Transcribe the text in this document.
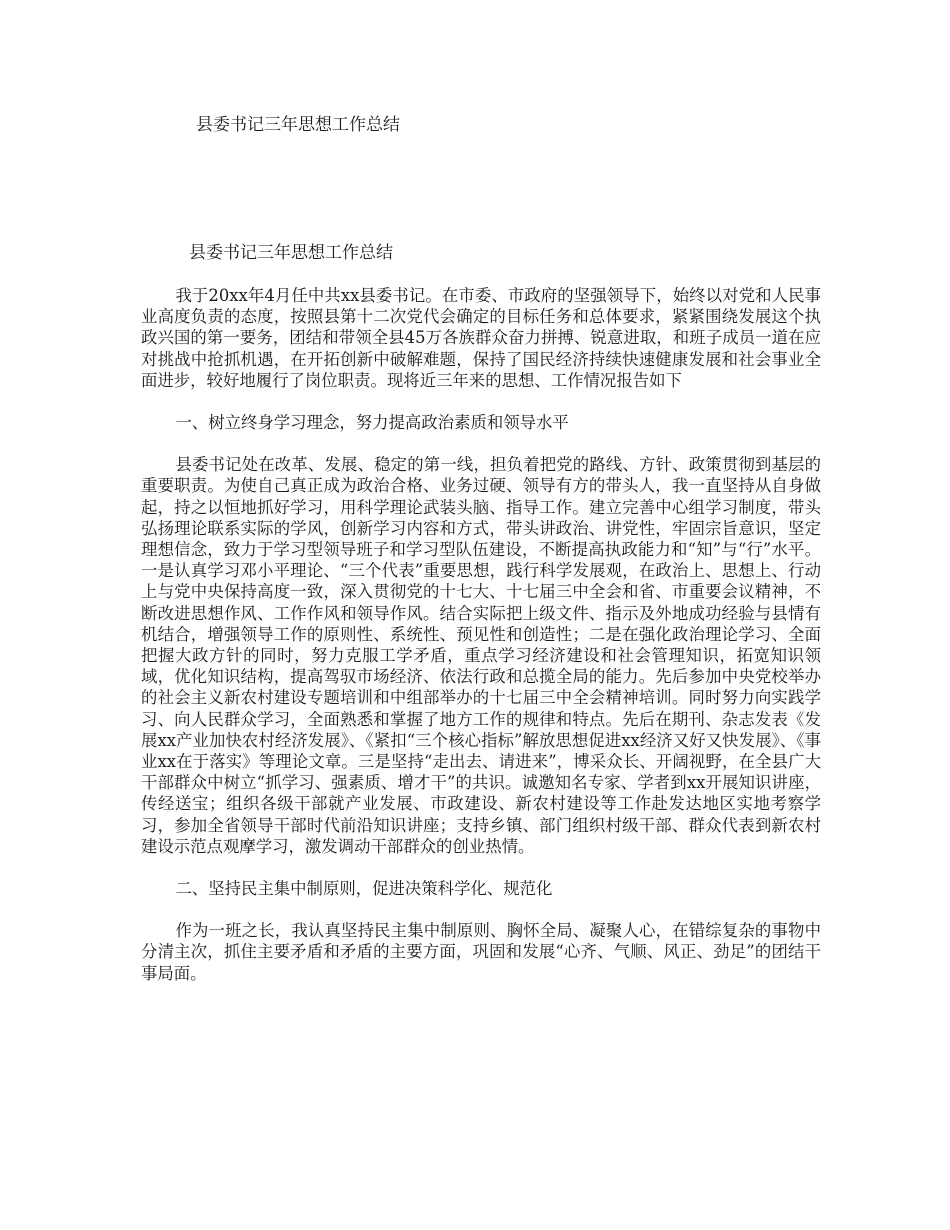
县委书记三年思想工作总结
县委书记三年思想工作总结

我于20xx年4月任中共xx县委书记。在市委、市政府的坚强领导下，始终以对党和人民事业高度负责的态度，按照县第十二次党代会确定的目标任务和总体要求，紧紧围绕发展这个执政兴国的第一要务，团结和带领全县45万各族群众奋力拼搏、锐意进取，和班子成员一道在应对挑战中抢抓机遇，在开拓创新中破解难题，保持了国民经济持续快速健康发展和社会事业全面进步，较好地履行了岗位职责。现将近三年来的思想、工作情况报告如下

一、树立终身学习理念，努力提高政治素质和领导水平

县委书记处在改革、发展、稳定的第一线，担负着把党的路线、方针、政策贯彻到基层的重要职责。为使自己真正成为政治合格、业务过硬、领导有方的带头人，我一直坚持从自身做起，持之以恒地抓好学习，用科学理论武装头脑、指导工作。建立完善中心组学习制度，带头弘扬理论联系实际的学风，创新学习内容和方式，带头讲政治、讲党性，牢固宗旨意识，坚定理想信念，致力于学习型领导班子和学习型队伍建设，不断提高执政能力和“知”与“行”水平。一是认真学习邓小平理论、“三个代表”重要思想，践行科学发展观，在政治上、思想上、行动上与党中央保持高度一致，深入贯彻党的十七大、十七届三中全会和省、市重要会议精神，不断改进思想作风、工作作风和领导作风。结合实际把上级文件、指示及外地成功经验与县情有机结合，增强领导工作的原则性、系统性、预见性和创造性；二是在强化政治理论学习、全面把握大政方针的同时，努力克服工学矛盾，重点学习经济建设和社会管理知识，拓宽知识领域，优化知识结构，提高驾驭市场经济、依法行政和总揽全局的能力。先后参加中央党校举办的社会主义新农村建设专题培训和中组部举办的十七届三中全会精神培训。同时努力向实践学习、向人民群众学习，全面熟悉和掌握了地方工作的规律和特点。先后在期刊、杂志发表《发展xx产业加快农村经济发展》、《紧扣“三个核心指标”解放思想促进xx经济又好又快发展》、《事业xx在于落实》等理论文章。三是坚持“走出去、请进来”，博采众长、开阔视野，在全县广大干部群众中树立“抓学习、强素质、增才干”的共识。诚邀知名专家、学者到xx开展知识讲座，传经送宝；组织各级干部就产业发展、市政建设、新农村建设等工作赴发达地区实地考察学习，参加全省领导干部时代前沿知识讲座；支持乡镇、部门组织村级干部、群众代表到新农村建设示范点观摩学习，激发调动干部群众的创业热情。

二、坚持民主集中制原则，促进决策科学化、规范化

作为一班之长，我认真坚持民主集中制原则、胸怀全局、凝聚人心，在错综复杂的事物中分清主次，抓住主要矛盾和矛盾的主要方面，巩固和发展“心齐、气顺、风正、劲足”的团结干事局面。
